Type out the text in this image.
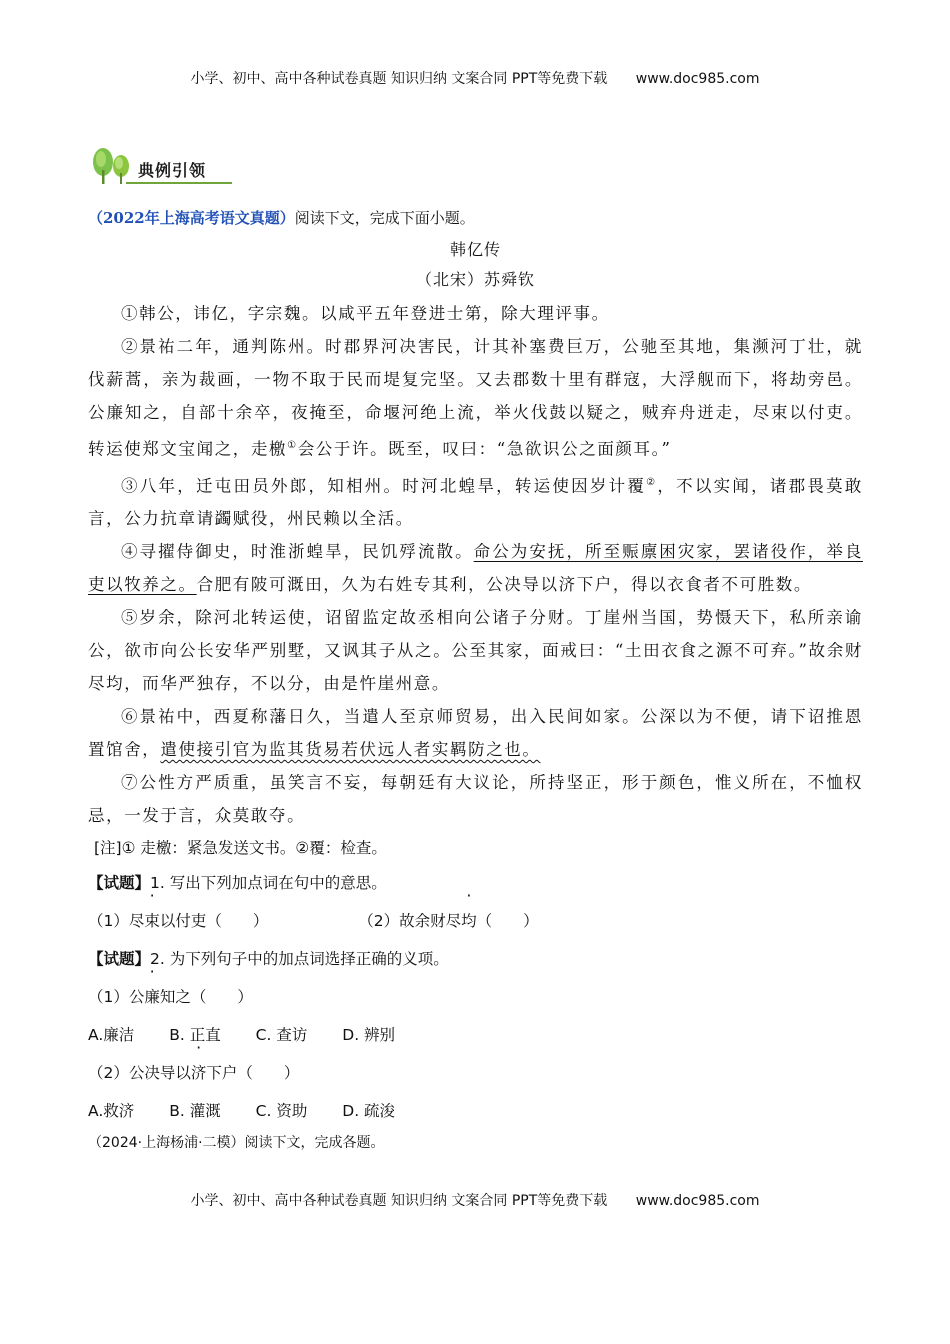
小学、初中、高中各种试卷真题 知识归纳 文案合同 PPT等免费下载 www.doc985.com
典例引领

（2022年上海高考语文真题）阅读下文，完成下面小题。

韩亿传

（北宋）苏舜钦

①韩公，讳亿，字宗魏。以咸平五年登进士第，除大理评事。

②景祐二年，通判陈州。时郡界河决害民，计其补塞费巨万，公驰至其地，集濒河丁壮，就伐薪蒿，亲为裁画，一物不取于民而堤复完坚。又去郡数十里有群寇，大浮舰而下，将劫旁邑。公廉知之，自部十余卒，夜掩至，命堰河绝上流，举火伐鼓以疑之，贼弃舟迸走，尽束以付吏。转运使郑文宝闻之，走檄①会公于许。既至，叹曰：“急欲识公之面颜耳。”

③八年，迁屯田员外郎，知相州。时河北蝗旱，转运使因岁计覆②，不以实闻，诸郡畏莫敢言，公力抗章请蠲赋役，州民赖以全活。

④寻擢侍御史，时淮浙蝗旱，民饥殍流散。命公为安抚，所至赈廪困灾家，罢诸役作，举良吏以牧养之。合肥有陂可溉田，久为右姓专其利，公决导以济下户，得以衣食者不可胜数。

⑤岁余，除河北转运使，诏留监定故丞相向公诸子分财。丁崖州当国，势慑天下，私所亲谕公，欲市向公长安华严别墅，又讽其子从之。公至其家，面戒曰：“土田衣食之源不可弃。”故余财尽均，而华严独存，不以分，由是忤崖州意。

⑥景祐中，西夏称藩日久，当遣人至京师贸易，出入民间如家。公深以为不便，请下诏推恩置馆舍，遣使接引官为监其货易若伏远人者实羁防之也。

⑦公性方严质重，虽笑言不妄，每朝廷有大议论，所持坚正，形于颜色，惟义所在，不恤权忌，一发于言，众莫敢夺。

[注]① 走檄：紧急发送文书。②覆：检查。

【试题】1. 写出下列加点词在句中的意思。

（1）尽束以付吏（　　）	（2）故余财尽均（　　）

【试题】2. 为下列句子中的加点词选择正确的义项。

（1）公廉知之（　　）

A.廉洁 B. 正直 C. 查访 D. 辨别

（2）公决导以济下户（　　）

A.救济 B. 灌溉 C. 资助 D. 疏浚

（2024·上海杨浦·二模）阅读下文，完成各题。

小学、初中、高中各种试卷真题 知识归纳 文案合同 PPT等免费下载 www.doc985.com
